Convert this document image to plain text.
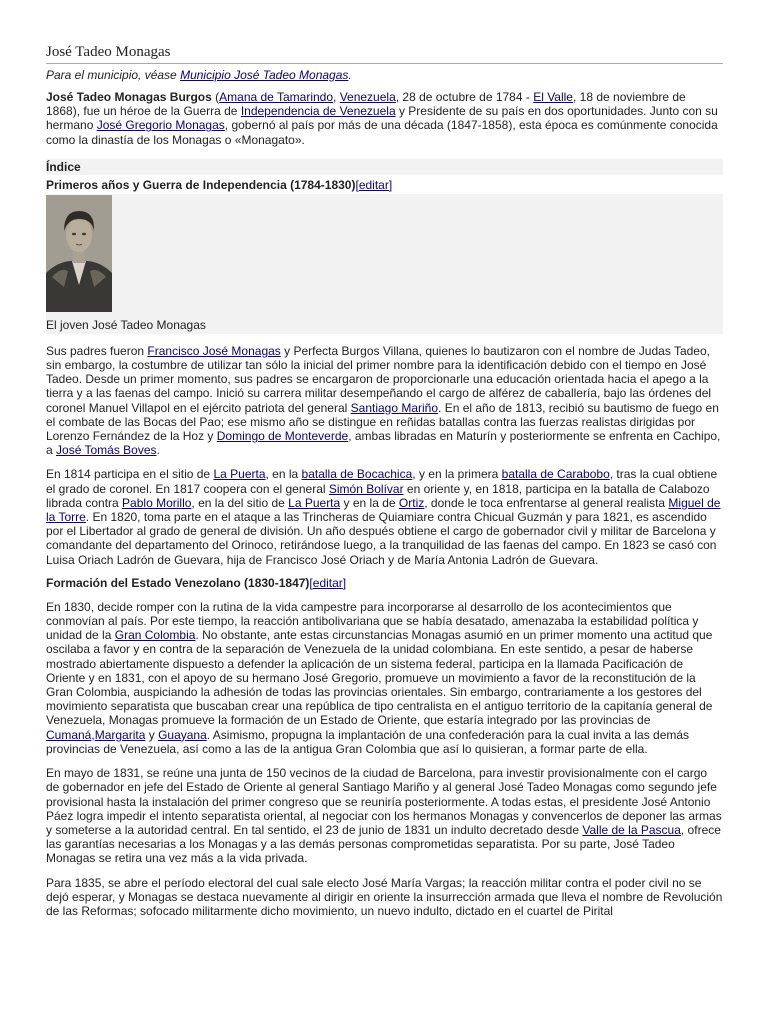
José Tadeo Monagas
Para el municipio, véase Municipio José Tadeo Monagas.

José Tadeo Monagas Burgos (Amana de Tamarindo, Venezuela, 28 de octubre de 1784 - El Valle, 18 de noviembre de 1868), fue un héroe de la Guerra de Independencia de Venezuela y Presidente de su país en dos oportunidades. Junto con su hermano José Gregorio Monagas, gobernó al país por más de una década (1847-1858), esta época es comúnmente conocida como la dinastía de los Monagas o «Monagato».

Índice
Primeros años y Guerra de Independencia (1784-1830)[editar]
El joven José Tadeo Monagas

Sus padres fueron Francisco José Monagas y Perfecta Burgos Villana, quienes lo bautizaron con el nombre de Judas Tadeo, sin embargo, la costumbre de utilizar tan sólo la inicial del primer nombre para la identificación debido con el tiempo en José Tadeo. Desde un primer momento, sus padres se encargaron de proporcionarle una educación orientada hacia el apego a la tierra y a las faenas del campo. Inició su carrera militar desempeñando el cargo de alférez de caballería, bajo las órdenes del coronel Manuel Villapol en el ejército patriota del general Santiago Mariño. En el año de 1813, recibió su bautismo de fuego en el combate de las Bocas del Pao; ese mismo año se distingue en reñidas batallas contra las fuerzas realistas dirigidas por Lorenzo Fernández de la Hoz y Domingo de Monteverde, ambas libradas en Maturín y posteriormente se enfrenta en Cachipo, a José Tomás Boves.

En 1814 participa en el sitio de La Puerta, en la batalla de Bocachica, y en la primera batalla de Carabobo, tras la cual obtiene el grado de coronel. En 1817 coopera con el general Simón Bolívar en oriente y, en 1818, participa en la batalla de Calabozo librada contra Pablo Morillo, en la del sitio de La Puerta y en la de Ortiz, donde le toca enfrentarse al general realista Miguel de la Torre. En 1820, toma parte en el ataque a las Trincheras de Quiamiare contra Chicual Guzmán y para 1821, es ascendido por el Libertador al grado de general de división. Un año después obtiene el cargo de gobernador civil y militar de Barcelona y comandante del departamento del Orinoco, retirándose luego, a la tranquilidad de las faenas del campo. En 1823 se casó con Luisa Oriach Ladrón de Guevara, hija de Francisco José Oriach y de María Antonia Ladrón de Guevara.

Formación del Estado Venezolano (1830-1847)[editar]

En 1830, decide romper con la rutina de la vida campestre para incorporarse al desarrollo de los acontecimientos que conmovían al país. Por este tiempo, la reacción antibolivariana que se había desatado, amenazaba la estabilidad política y unidad de la Gran Colombia. No obstante, ante estas circunstancias Monagas asumió en un primer momento una actitud que oscilaba a favor y en contra de la separación de Venezuela de la unidad colombiana. En este sentido, a pesar de haberse mostrado abiertamente dispuesto a defender la aplicación de un sistema federal, participa en la llamada Pacificación de Oriente y en 1831, con el apoyo de su hermano José Gregorio, promueve un movimiento a favor de la reconstitución de la Gran Colombia, auspiciando la adhesión de todas las provincias orientales. Sin embargo, contrariamente a los gestores del movimiento separatista que buscaban crear una república de tipo centralista en el antiguo territorio de la capitanía general de Venezuela, Monagas promueve la formación de un Estado de Oriente, que estaría integrado por las provincias de Cumaná,Margarita y Guayana. Asimismo, propugna la implantación de una confederación para la cual invita a las demás provincias de Venezuela, así como a las de la antigua Gran Colombia que así lo quisieran, a formar parte de ella.

En mayo de 1831, se reúne una junta de 150 vecinos de la ciudad de Barcelona, para investir provisionalmente con el cargo de gobernador en jefe del Estado de Oriente al general Santiago Mariño y al general José Tadeo Monagas como segundo jefe provisional hasta la instalación del primer congreso que se reuniría posteriormente. A todas estas, el presidente José Antonio Páez logra impedir el intento separatista oriental, al negociar con los hermanos Monagas y convencerlos de deponer las armas y someterse a la autoridad central. En tal sentido, el 23 de junio de 1831 un indulto decretado desde Valle de la Pascua, ofrece las garantías necesarias a los Monagas y a las demás personas comprometidas separatista. Por su parte, José Tadeo Monagas se retira una vez más a la vida privada.

Para 1835, se abre el período electoral del cual sale electo José María Vargas; la reacción militar contra el poder civil no se dejó esperar, y Monagas se destaca nuevamente al dirigir en oriente la insurrección armada que lleva el nombre de Revolución de las Reformas; sofocado militarmente dicho movimiento, un nuevo indulto, dictado en el cuartel de Pirital
